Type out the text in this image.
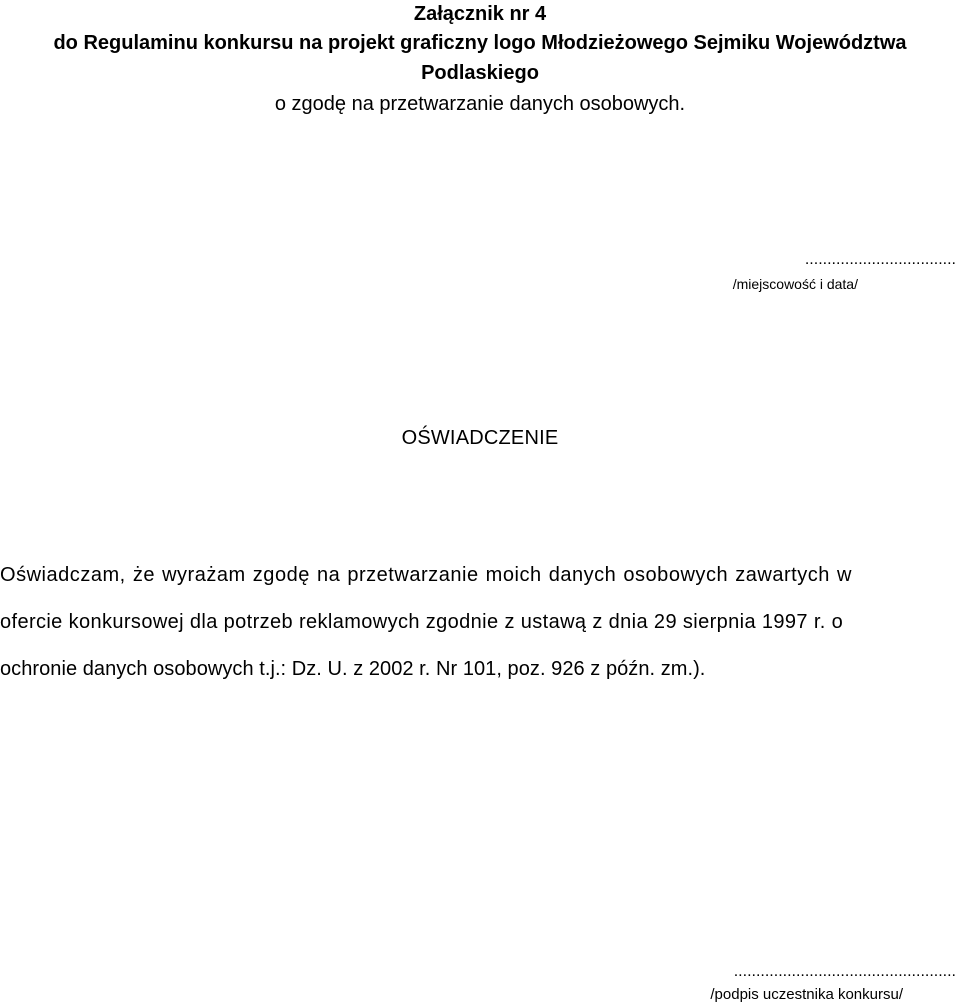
Załącznik nr 4
do Regulaminu konkursu na projekt graficzny logo Młodzieżowego Sejmiku Województwa
Podlaskiego
o zgodę na przetwarzanie danych osobowych.
..................................
/miejscowość i data/
OŚWIADCZENIE
Oświadczam, że wyrażam zgodę na przetwarzanie moich danych osobowych zawartych w
ofercie konkursowej dla potrzeb reklamowych zgodnie z ustawą z dnia 29 sierpnia 1997 r. o
ochronie danych osobowych t.j.: Dz. U. z 2002 r. Nr 101, poz. 926 z późn. zm.).
..................................................
/podpis uczestnika konkursu/
